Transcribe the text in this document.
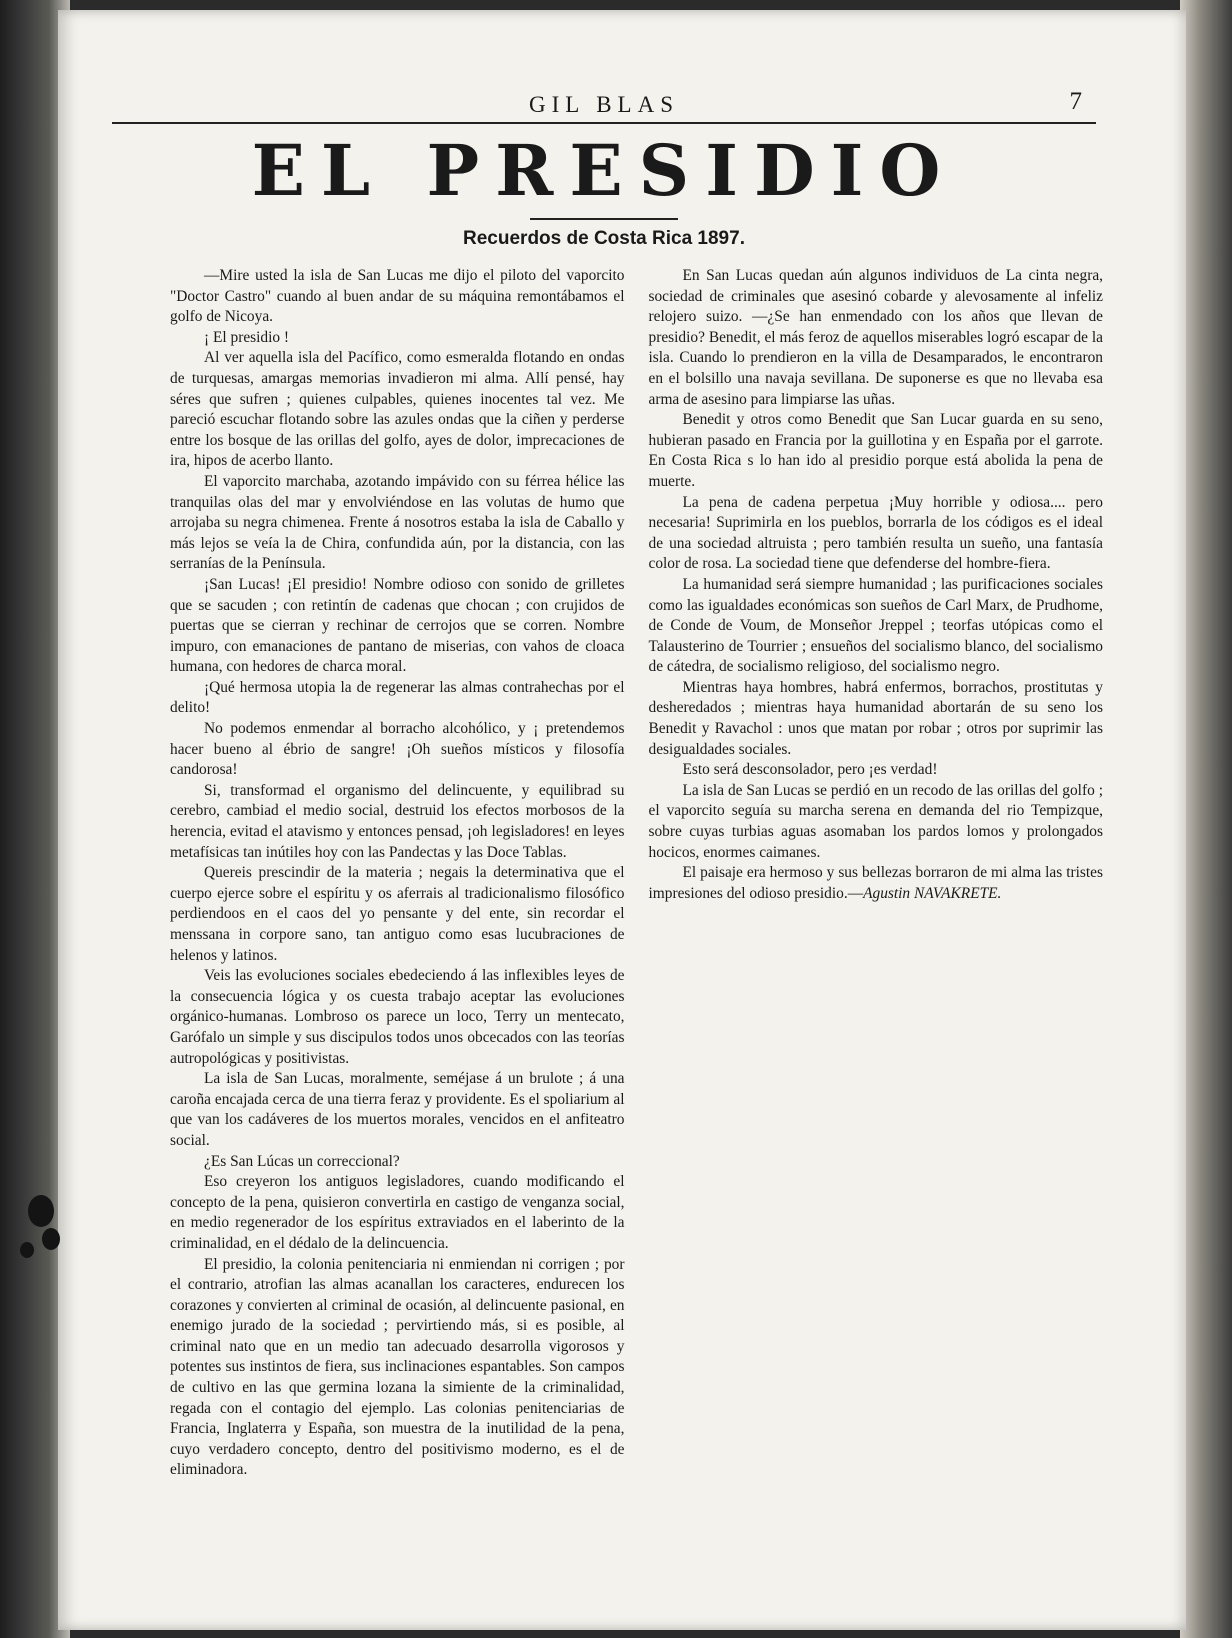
GIL BLAS	7
EL PRESIDIO
Recuerdos de Costa Rica 1897.

—Mire usted la isla de San Lucas me dijo el piloto del vaporcito "Doctor Castro" cuando al buen andar de su máquina remontábamos el golfo de Nicoya.

¡ El presidio !

Al ver aquella isla del Pacífico, como esmeralda flotando en ondas de turquesas, amargas memorias invadieron mi alma. Allí pensé, hay séres que sufren ; quienes culpables, quienes inocentes tal vez. Me pareció escuchar flotando sobre las azules ondas que la ciñen y perderse entre los bosque de las orillas del golfo, ayes de dolor, imprecaciones de ira, hipos de acerbo llanto.

El vaporcito marchaba, azotando impávido con su férrea hélice las tranquilas olas del mar y envolviéndose en las volutas de humo que arrojaba su negra chimenea. Frente á nosotros estaba la isla de Caballo y más lejos se veía la de Chira, confundida aún, por la distancia, con las serranías de la Península.

¡San Lucas! ¡El presidio! Nombre odioso con sonido de grilletes que se sacuden ; con retintín de cadenas que chocan ; con crujidos de puertas que se cierran y rechinar de cerrojos que se corren. Nombre impuro, con emanaciones de pantano de miserias, con vahos de cloaca humana, con hedores de charca moral.

¡Qué hermosa utopia la de regenerar las almas contrahechas por el delito!

No podemos enmendar al borracho alcohólico, y ¡ pretendemos hacer bueno al ébrio de sangre! ¡Oh sueños místicos y filosofía candorosa!

Si, transformad el organismo del delincuente, y equilibrad su cerebro, cambiad el medio social, destruid los efectos morbosos de la herencia, evitad el atavismo y entonces pensad, ¡oh legisladores! en leyes metafísicas tan inútiles hoy con las Pandectas y las Doce Tablas.

Quereis prescindir de la materia ; negais la determinativa que el cuerpo ejerce sobre el espíritu y os aferrais al tradicionalismo filosófico perdiendoos en el caos del yo pensante y del ente, sin recordar el menssana in corpore sano, tan antiguo como esas lucubraciones de helenos y latinos.

Veis las evoluciones sociales ebedeciendo á las inflexibles leyes de la consecuencia lógica y os cuesta trabajo aceptar las evoluciones orgánico-humanas. Lombroso os parece un loco, Terry un mentecato, Garófalo un simple y sus discipulos todos unos obcecados con las teorías autropológicas y positivistas.

La isla de San Lucas, moralmente, seméjase á un brulote ; á una caroña encajada cerca de una tierra feraz y providente. Es el spoliarium al que van los cadáveres de los muertos morales, vencidos en el anfiteatro social.

¿Es San Lúcas un correccional?

Eso creyeron los antiguos legisladores, cuando modificando el concepto de la pena, quisieron convertirla en castigo de venganza social, en medio regenerador de los espíritus extraviados en el laberinto de la criminalidad, en el dédalo de la delincuencia.

El presidio, la colonia penitenciaria ni enmiendan ni corrigen ; por el contrario, atrofian las almas acanallan los caracteres, endurecen los corazones y convierten al criminal de ocasión, al delincuente pasional, en enemigo jurado de la sociedad ; pervirtiendo más, si es posible, al criminal nato que en un medio tan adecuado desarrolla vigorosos y potentes sus instintos de fiera, sus inclinaciones espantables. Son campos de cultivo en las que germina lozana la simiente de la criminalidad, regada con el contagio del ejemplo. Las colonias penitenciarias de Francia, Inglaterra y España, son muestra de la inutilidad de la pena, cuyo verdadero concepto, dentro del positivismo moderno, es el de eliminadora.

En San Lucas quedan aún algunos individuos de La cinta negra, sociedad de criminales que asesinó cobarde y alevosamente al infeliz relojero suizo. —¿Se han enmendado con los años que llevan de presidio? Benedit, el más feroz de aquellos miserables logró escapar de la isla. Cuando lo prendieron en la villa de Desamparados, le encontraron en el bolsillo una navaja sevillana. De suponerse es que no llevaba esa arma de asesino para limpiarse las uñas.

Benedit y otros como Benedit que San Lucar guarda en su seno, hubieran pasado en Francia por la guillotina y en España por el garrote. En Costa Rica s lo han ido al presidio porque está abolida la pena de muerte.

La pena de cadena perpetua ¡Muy horrible y odiosa.... pero necesaria! Suprimirla en los pueblos, borrarla de los códigos es el ideal de una sociedad altruista ; pero también resulta un sueño, una fantasía color de rosa. La sociedad tiene que defenderse del hombre-fiera.

La humanidad será siempre humanidad ; las purificaciones sociales como las igualdades económicas son sueños de Carl Marx, de Prudhome, de Conde de Voum, de Monseñor Jreppel ; teorfas utópicas como el Talausterino de Tourrier ; ensueños del socialismo blanco, del socialismo de cátedra, de socialismo religioso, del socialismo negro.

Mientras haya hombres, habrá enfermos, borrachos, prostitutas y desheredados ; mientras haya humanidad abortarán de su seno los Benedit y Ravachol : unos que matan por robar ; otros por suprimir las desigualdades sociales.

Esto será desconsolador, pero ¡es verdad!

La isla de San Lucas se perdió en un recodo de las orillas del golfo ; el vaporcito seguía su marcha serena en demanda del rio Tempizque, sobre cuyas turbias aguas asomaban los pardos lomos y prolongados hocicos, enormes caimanes.

El paisaje era hermoso y sus bellezas borraron de mi alma las tristes impresiones del odioso presidio.—Agustin NAVAKRETE.
